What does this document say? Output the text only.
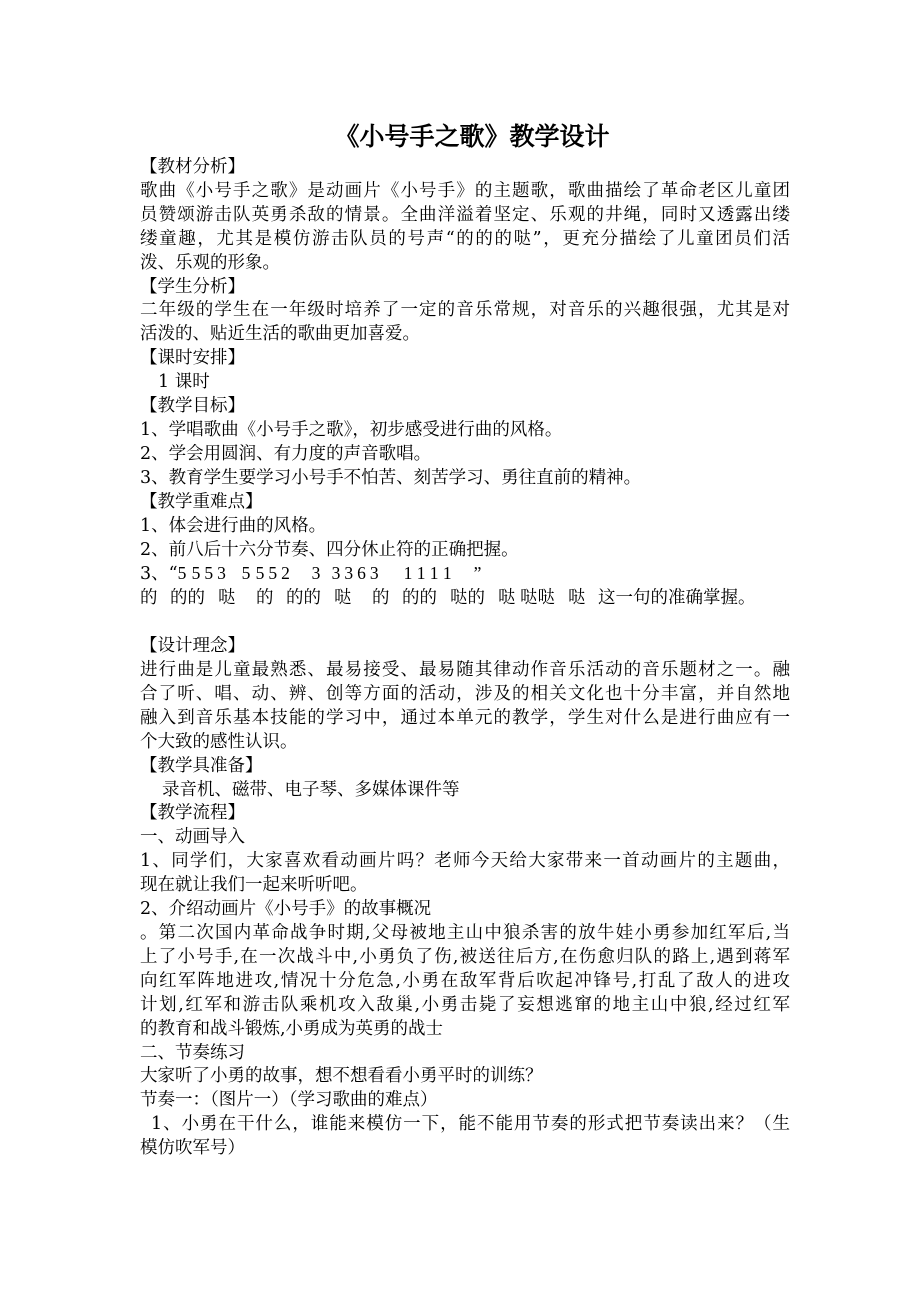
《小号手之歌》教学设计
【教材分析】
歌曲《小号手之歌》是动画片《小号手》的主题歌，歌曲描绘了革命老区儿童团
员赞颂游击队英勇杀敌的情景。全曲洋溢着坚定、乐观的井绳，同时又透露出缕
缕童趣，尤其是模仿游击队员的号声“的的的哒”，更充分描绘了儿童团员们活
泼、乐观的形象。
【学生分析】
二年级的学生在一年级时培养了一定的音乐常规，对音乐的兴趣很强，尤其是对
活泼的、贴近生活的歌曲更加喜爱。
【课时安排】
1 课时
【教学目标】
1、学唱歌曲《小号手之歌》，初步感受进行曲的风格。
2、学会用圆润、有力度的声音歌唱。
3、教育学生要学习小号手不怕苦、刻苦学习、勇往直前的精神。
【教学重难点】
1、体会进行曲的风格。
2、前八后十六分节奏、四分休止符的正确把握。
3、“5 553 5 552 3 3363 1111 ”
的 的的 哒 的 的的 哒 的 的的 哒的 哒 哒哒 哒 这一句的准确掌握。
【设计理念】
进行曲是儿童最熟悉、最易接受、最易随其律动作音乐活动的音乐题材之一。融
合了听、唱、动、辨、创等方面的活动，涉及的相关文化也十分丰富，并自然地
融入到音乐基本技能的学习中，通过本单元的教学，学生对什么是进行曲应有一
个大致的感性认识。
【教学具准备】
录音机、磁带、电子琴、多媒体课件等
【教学流程】
一、动画导入
1、同学们，大家喜欢看动画片吗？老师今天给大家带来一首动画片的主题曲，
现在就让我们一起来听听吧。
2、介绍动画片《小号手》的故事概况
。第二次国内革命战争时期,父母被地主山中狼杀害的放牛娃小勇参加红军后,当
上了小号手,在一次战斗中,小勇负了伤,被送往后方,在伤愈归队的路上,遇到蒋军
向红军阵地进攻,情况十分危急,小勇在敌军背后吹起冲锋号,打乱了敌人的进攻
计划,红军和游击队乘机攻入敌巢,小勇击毙了妄想逃窜的地主山中狼,经过红军
的教育和战斗锻炼,小勇成为英勇的战士
二、节奏练习
大家听了小勇的故事，想不想看看小勇平时的训练？
节奏一：（图片一）（学习歌曲的难点）
1、小勇在干什么，谁能来模仿一下，能不能用节奏的形式把节奏读出来？（生
模仿吹军号）
